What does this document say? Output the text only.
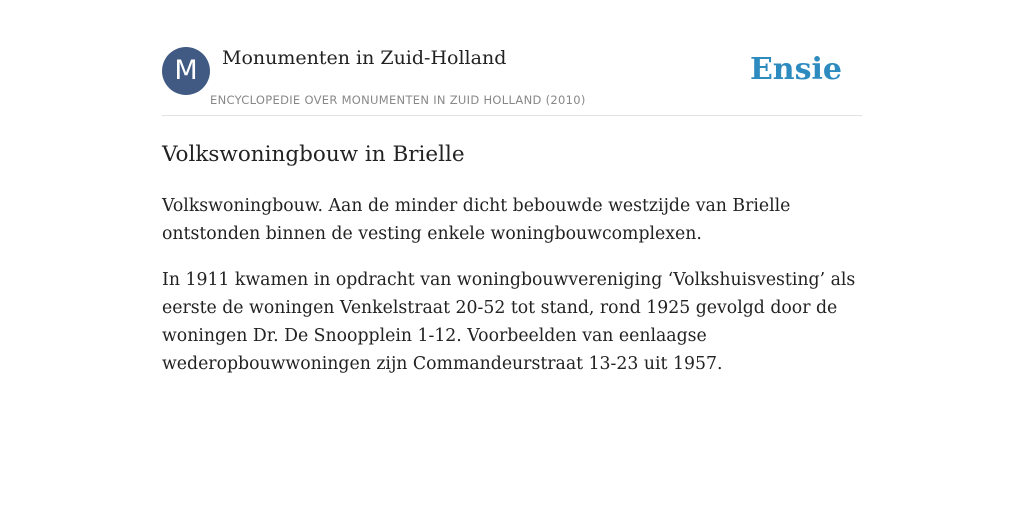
M	Monumenten in Zuid-Holland
ENCYCLOPEDIE OVER MONUMENTEN IN ZUID HOLLAND (2010)
Ensie
Volkswoningbouw in Brielle

Volkswoningbouw. Aan de minder dicht bebouwde westzijde van Brielle ontstonden binnen de vesting enkele woningbouwcomplexen.

In 1911 kwamen in opdracht van woningbouwvereniging ‘Volkshuisvesting’ als eerste de woningen Venkelstraat 20-52 tot stand, rond 1925 gevolgd door de woningen Dr. De Snoopplein 1-12. Voorbeelden van eenlaagse wederopbouwwoningen zijn Commandeurstraat 13-23 uit 1957.
